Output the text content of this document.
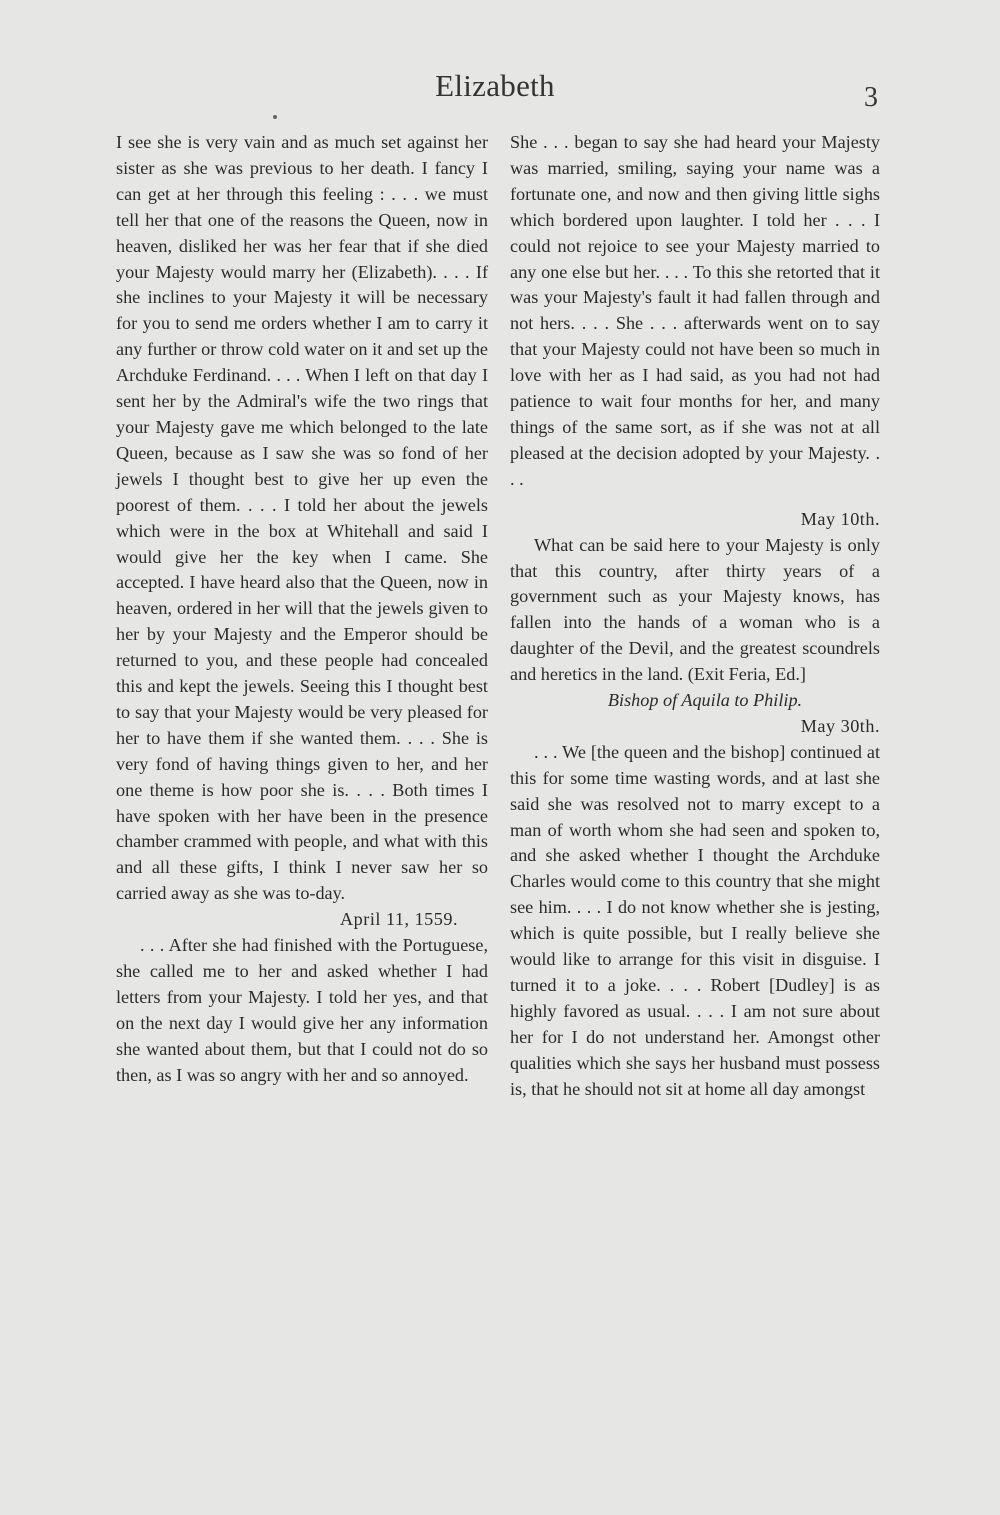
Elizabeth	3

I see she is very vain and as much set against her sister as she was previous to her death. I fancy I can get at her through this feeling : . . . we must tell her that one of the reasons the Queen, now in heaven, disliked her was her fear that if she died your Majesty would marry her (Elizabeth). . . . If she inclines to your Majesty it will be necessary for you to send me orders whether I am to carry it any further or throw cold water on it and set up the Archduke Ferdinand. . . . When I left on that day I sent her by the Admiral's wife the two rings that your Majesty gave me which belonged to the late Queen, because as I saw she was so fond of her jewels I thought best to give her up even the poorest of them. . . . I told her about the jewels which were in the box at Whitehall and said I would give her the key when I came. She accepted. I have heard also that the Queen, now in heaven, ordered in her will that the jewels given to her by your Majesty and the Emperor should be returned to you, and these people had concealed this and kept the jewels. Seeing this I thought best to say that your Majesty would be very pleased for her to have them if she wanted them. . . . She is very fond of having things given to her, and her one theme is how poor she is. . . . Both times I have spoken with her have been in the presence chamber crammed with people, and what with this and all these gifts, I think I never saw her so carried away as she was to-day.

April 11, 1559.

. . . After she had finished with the Portuguese, she called me to her and asked whether I had letters from your Majesty. I told her yes, and that on the next day I would give her any information she wanted about them, but that I could not do so then, as I was so angry with her and so annoyed.

She . . . began to say she had heard your Majesty was married, smiling, saying your name was a fortunate one, and now and then giving little sighs which bordered upon laughter. I told her . . . I could not rejoice to see your Majesty married to any one else but her. . . . To this she retorted that it was your Majesty's fault it had fallen through and not hers. . . . She . . . afterwards went on to say that your Majesty could not have been so much in love with her as I had said, as you had not had patience to wait four months for her, and many things of the same sort, as if she was not at all pleased at the decision adopted by your Majesty. . . .

May 10th.

What can be said here to your Majesty is only that this country, after thirty years of a government such as your Majesty knows, has fallen into the hands of a woman who is a daughter of the Devil, and the greatest scoundrels and heretics in the land. (Exit Feria, Ed.]

Bishop of Aquila to Philip.

May 30th.

. . . We [the queen and the bishop] continued at this for some time wasting words, and at last she said she was resolved not to marry except to a man of worth whom she had seen and spoken to, and she asked whether I thought the Archduke Charles would come to this country that she might see him. . . . I do not know whether she is jesting, which is quite possible, but I really believe she would like to arrange for this visit in disguise. I turned it to a joke. . . . Robert [Dudley] is as highly favored as usual. . . . I am not sure about her for I do not understand her. Amongst other qualities which she says her husband must possess is, that he should not sit at home all day amongst
